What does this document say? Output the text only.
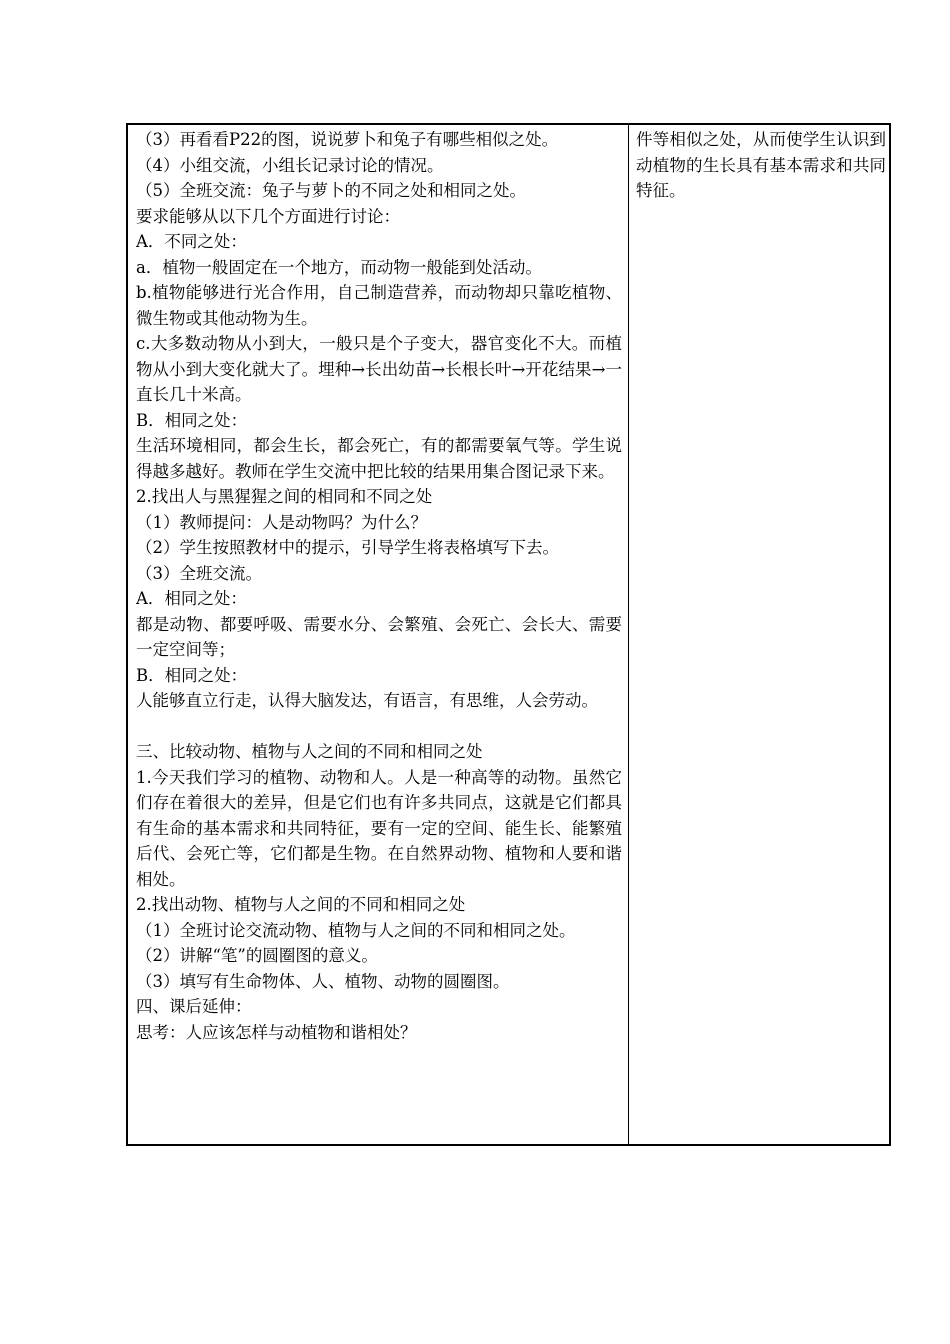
（3）再看看P22的图，说说萝卜和兔子有哪些相似之处。
（4）小组交流，小组长记录讨论的情况。
（5）全班交流：兔子与萝卜的不同之处和相同之处。
要求能够从以下几个方面进行讨论：
A．不同之处：
a．植物一般固定在一个地方，而动物一般能到处活动。
b.植物能够进行光合作用，自己制造营养，而动物却只靠吃植物、微生物或其他动物为生。
c.大多数动物从小到大，一般只是个子变大，器官变化不大。而植物从小到大变化就大了。埋种→长出幼苗→长根长叶→开花结果→一直长几十米高。
B．相同之处：
生活环境相同，都会生长，都会死亡，有的都需要氧气等。学生说得越多越好。教师在学生交流中把比较的结果用集合图记录下来。
2.找出人与黑猩猩之间的相同和不同之处
（1）教师提问：人是动物吗？为什么？
（2）学生按照教材中的提示，引导学生将表格填写下去。
（3）全班交流。
A．相同之处：
都是动物、都要呼吸、需要水分、会繁殖、会死亡、会长大、需要一定空间等；
B．相同之处：
人能够直立行走，认得大脑发达，有语言，有思维，人会劳动。
三、比较动物、植物与人之间的不同和相同之处
1.今天我们学习的植物、动物和人。人是一种高等的动物。虽然它们存在着很大的差异，但是它们也有许多共同点，这就是它们都具有生命的基本需求和共同特征，要有一定的空间、能生长、能繁殖后代、会死亡等，它们都是生物。在自然界动物、植物和人要和谐相处。
2.找出动物、植物与人之间的不同和相同之处
（1）全班讨论交流动物、植物与人之间的不同和相同之处。
（2）讲解“笔”的圆圈图的意义。
（3）填写有生命物体、人、植物、动物的圆圈图。
四、课后延伸：
思考：人应该怎样与动植物和谐相处？
件等相似之处，从而使学生认识到动植物的生长具有基本需求和共同特征。
